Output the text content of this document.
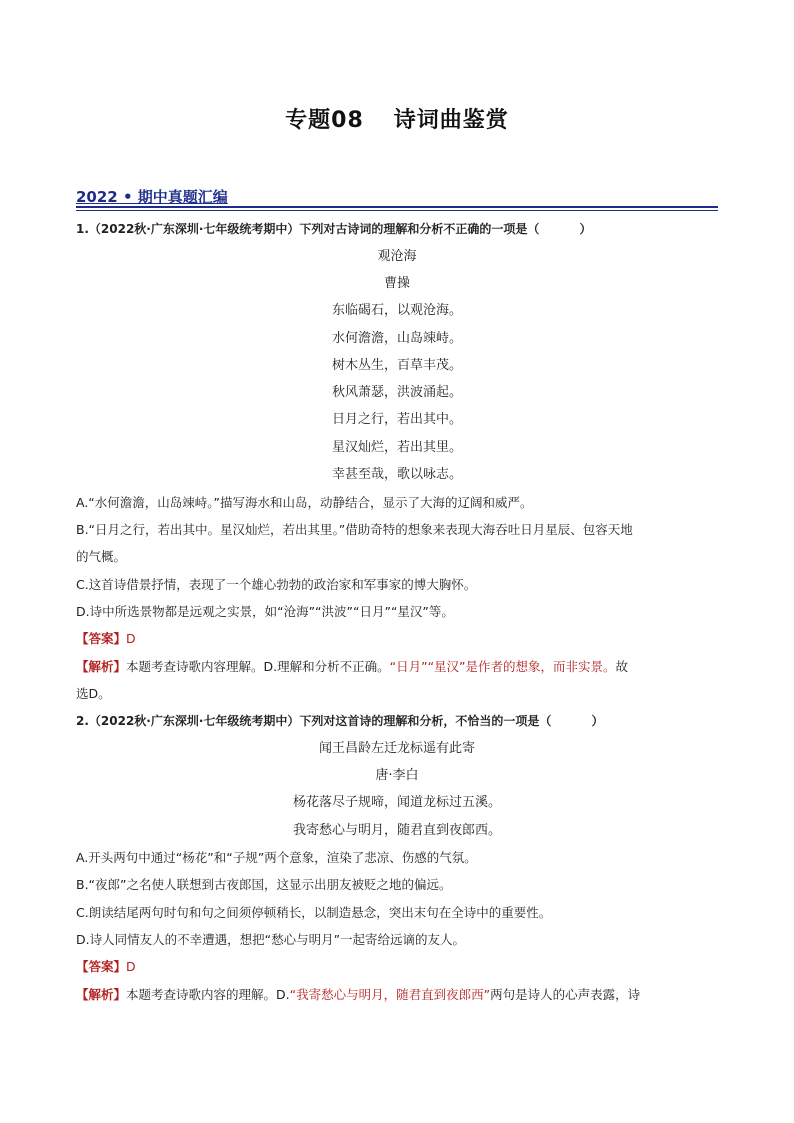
专题08 诗词曲鉴赏
2022 • 期中真题汇编
1.（2022秋·广东深圳·七年级统考期中）下列对古诗词的理解和分析不正确的一项是（	）
观沧海
曹操
东临碣石，以观沧海。
水何澹澹，山岛竦峙。
树木丛生，百草丰茂。
秋风萧瑟，洪波涌起。
日月之行，若出其中。
星汉灿烂，若出其里。
幸甚至哉，歌以咏志。
A.“水何澹澹，山岛竦峙。”描写海水和山岛，动静结合，显示了大海的辽阔和威严。
B.“日月之行，若出其中。星汉灿烂，若出其里。”借助奇特的想象来表现大海吞吐日月星辰、包容天地
的气概。
C.这首诗借景抒情，表现了一个雄心勃勃的政治家和军事家的博大胸怀。
D.诗中所选景物都是远观之实景，如“沧海”“洪波”“日月”“星汉”等。
【答案】D
【解析】本题考查诗歌内容理解。D.理解和分析不正确。“日月”“星汉”是作者的想象，而非实景。故
选D。
2.（2022秋·广东深圳·七年级统考期中）下列对这首诗的理解和分析，不恰当的一项是（	）
闻王昌龄左迁龙标遥有此寄
唐·李白
杨花落尽子规啼，闻道龙标过五溪。
我寄愁心与明月，随君直到夜郎西。
A.开头两句中通过“杨花”和“子规”两个意象，渲染了悲凉、伤感的气氛。
B.“夜郎”之名使人联想到古夜郎国，这显示出朋友被贬之地的偏远。
C.朗读结尾两句时句和句之间须停顿稍长，以制造悬念，突出末句在全诗中的重要性。
D.诗人同情友人的不幸遭遇，想把“愁心与明月”一起寄给远谪的友人。
【答案】D
【解析】本题考查诗歌内容的理解。D.“我寄愁心与明月，随君直到夜郎西”两句是诗人的心声表露，诗
